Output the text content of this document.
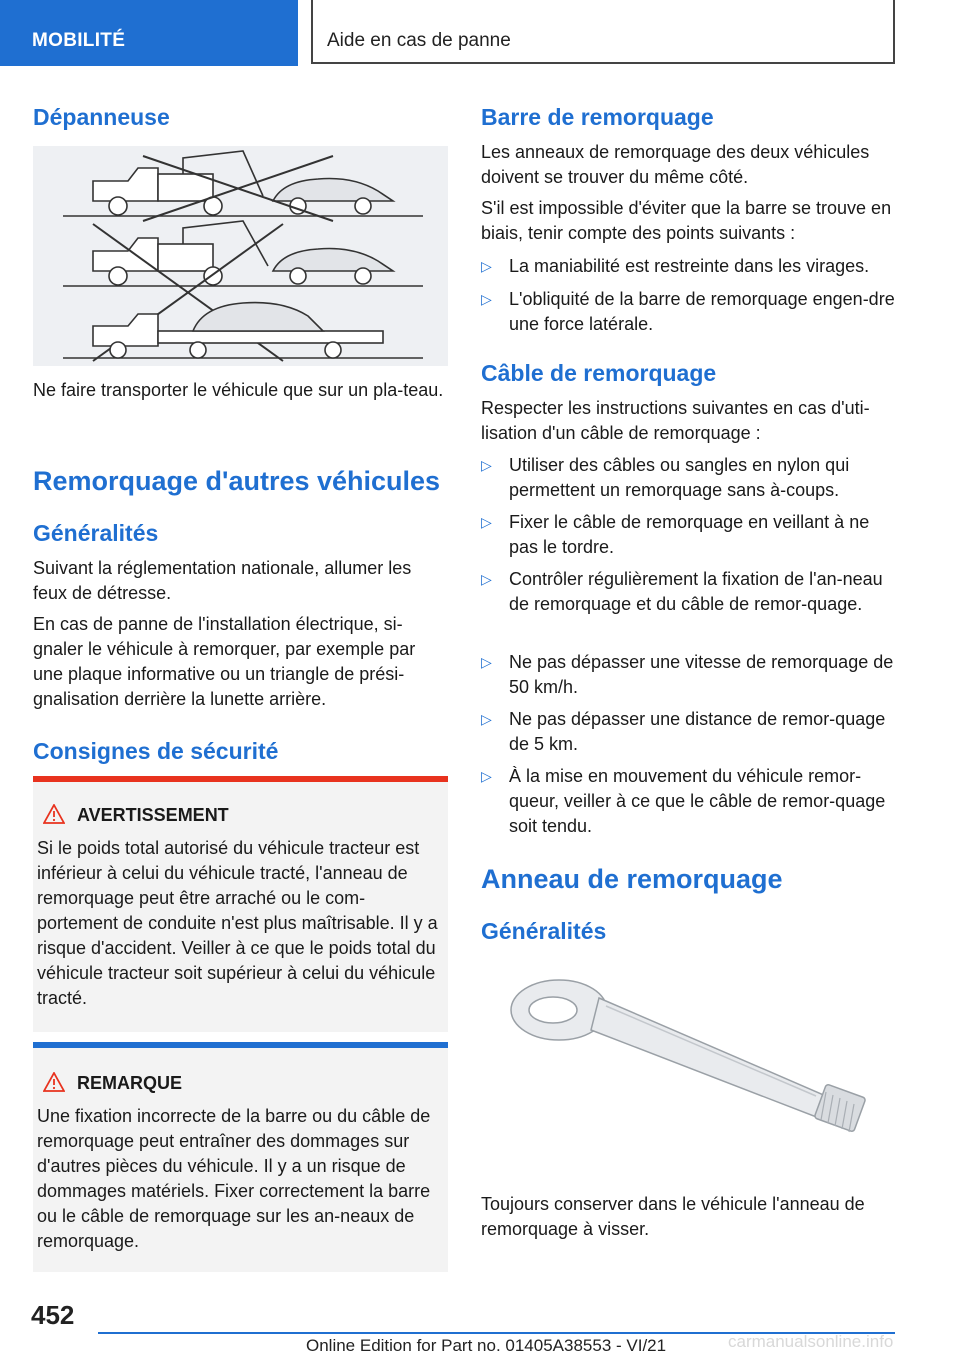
MOBILITÉ	Aide en cas de panne
Dépanneuse

Ne faire transporter le véhicule que sur un pla‐teau.

Remorquage d'autres véhicules
Généralités

Suivant la réglementation nationale, allumer les feux de détresse.

En cas de panne de l'installation électrique, si‐gnaler le véhicule à remorquer, par exemple par une plaque informative ou un triangle de prési‐gnalisation derrière la lunette arrière.

Consignes de sécurité
AVERTISSEMENT
Si le poids total autorisé du véhicule tracteur est inférieur à celui du véhicule tracté, l'anneau de remorquage peut être arraché ou le com‐portement de conduite n'est plus maîtrisable. Il y a risque d'accident. Veiller à ce que le poids total du véhicule tracteur soit supérieur à celui du véhicule tracté.
REMARQUE
Une fixation incorrecte de la barre ou du câble de remorquage peut entraîner des dommages sur d'autres pièces du véhicule. Il y a un risque de dommages matériels. Fixer correctement la barre ou le câble de remorquage sur les an‐neaux de remorquage.
Barre de remorquage

Les anneaux de remorquage des deux véhicules doivent se trouver du même côté.

S'il est impossible d'éviter que la barre se trouve en biais, tenir compte des points suivants :

▷ La maniabilité est restreinte dans les virages.
▷ L'obliquité de la barre de remorquage engen‐dre une force latérale.
Câble de remorquage

Respecter les instructions suivantes en cas d'uti‐lisation d'un câble de remorquage :

▷ Utiliser des câbles ou sangles en nylon qui permettent un remorquage sans à-coups.
▷ Fixer le câble de remorquage en veillant à ne pas le tordre.
▷ Contrôler régulièrement la fixation de l'an‐neau de remorquage et du câble de remor‐quage.
▷ Ne pas dépasser une vitesse de remorquage de 50 km/h.
▷ Ne pas dépasser une distance de remor‐quage de 5 km.
▷ À la mise en mouvement du véhicule remor‐queur, veiller à ce que le câble de remor‐quage soit tendu.
Anneau de remorquage
Généralités

Toujours conserver dans le véhicule l'anneau de remorquage à visser.

452
Online Edition for Part no. 01405A38553 - VI/21	carmanualsonline.info
